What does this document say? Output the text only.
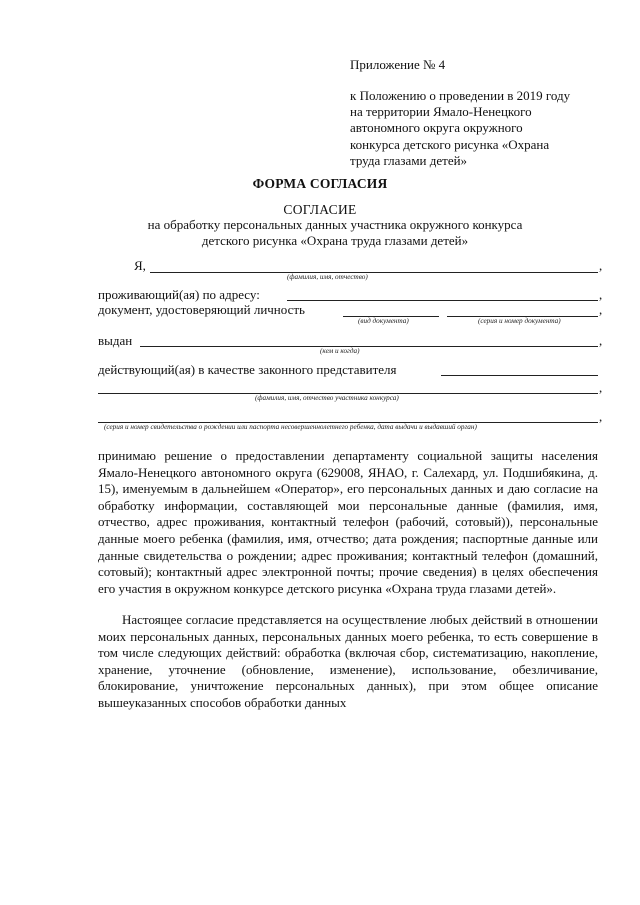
Приложение № 4
к Положению о проведении в 2019 году
на территории Ямало-Ненецкого
автономного округа окружного
конкурса детского рисунка «Охрана
труда глазами детей»
ФОРМА СОГЛАСИЯ
СОГЛАСИЕ
на обработку персональных данных участника окружного конкурса
детского рисунка «Охрана труда глазами детей»
Я,	,
(фамилия, имя, отчество)
проживающий(ая) по адресу:	,
документ, удостоверяющий личность	,
(вид документа)	(серия и номер документа)
выдан	,
(кем и когда)
действующий(ая) в качестве законного представителя
,
(фамилия, имя, отчество участника конкурса)
,
(серия и номер свидетельства о рождении или паспорта несовершеннолетнего ребенка, дата выдачи и выдавший орган)
принимаю решение о предоставлении департаменту социальной защиты населения Ямало-Ненецкого автономного округа (629008, ЯНАО, г. Салехард, ул. Подшибякина, д. 15), именуемым в дальнейшем «Оператор», его персональных данных и даю согласие на обработку информации, составляющей мои персональные данные (фамилия, имя, отчество, адрес проживания, контактный телефон (рабочий, сотовый)), персональные данные моего ребенка (фамилия, имя, отчество; дата рождения; паспортные данные или данные свидетельства о рождении; адрес проживания; контактный телефон (домашний, сотовый); контактный адрес электронной почты; прочие сведения) в целях обеспечения его участия в окружном конкурсе детского рисунка «Охрана труда глазами детей».
Настоящее согласие представляется на осуществление любых действий в отношении моих персональных данных, персональных данных моего ребенка, то есть совершение в том числе следующих действий: обработка (включая сбор, систематизацию, накопление, хранение, уточнение (обновление, изменение), использование, обезличивание, блокирование, уничтожение персональных данных), при этом общее описание вышеуказанных способов обработки данных
